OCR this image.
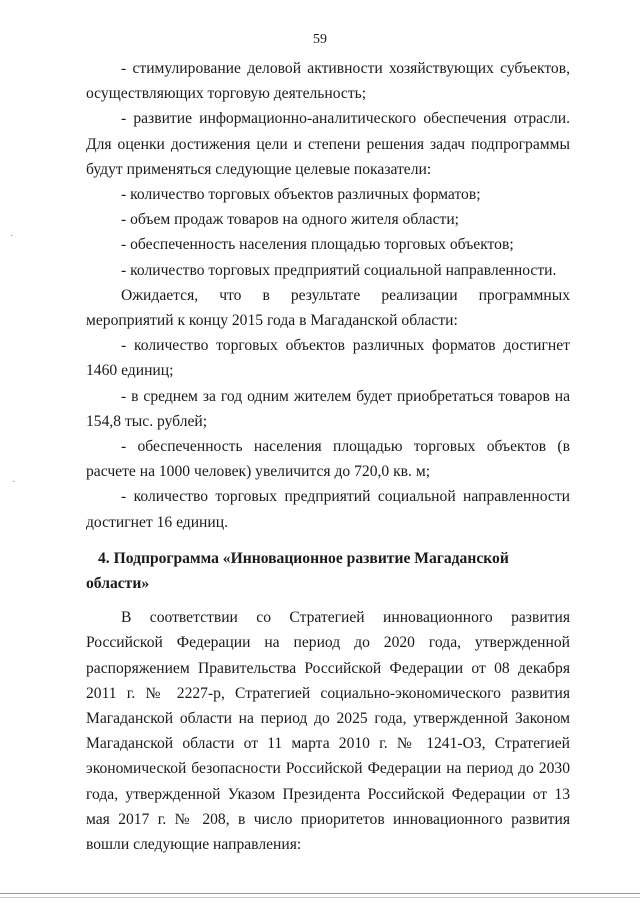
59
·
·

- стимулирование деловой активности хозяйствующих субъектов, осуществляющих торговую деятельность;

- развитие информационно-аналитического обеспечения отрасли. Для оценки достижения цели и степени решения задач подпрограммы будут применяться следующие целевые показатели:

- количество торговых объектов различных форматов;

- объем продаж товаров на одного жителя области;

- обеспеченность населения площадью торговых объектов;

- количество торговых предприятий социальной направленности.

Ожидается, что в результате реализации программных мероприятий к концу 2015 года в Магаданской области:

- количество торговых объектов различных форматов достигнет 1460 единиц;

- в среднем за год одним жителем будет приобретаться товаров на 154,8 тыс. рублей;

- обеспеченность населения площадью торговых объектов (в расчете на 1000 человек) увеличится до 720,0 кв. м;

- количество торговых предприятий социальной направленности достигнет 16 единиц.

4. Подпрограмма «Инновационное развитие Магаданской области»

В соответствии со Стратегией инновационного развития Российской Федерации на период до 2020 года, утвержденной распоряжением Правительства Российской Федерации от 08 декабря 2011 г. № 2227-р, Стратегией социально-экономического развития Магаданской области на период до 2025 года, утвержденной Законом Магаданской области от 11 марта 2010 г. № 1241-ОЗ, Стратегией экономической безопасности Российской Федерации на период до 2030 года, утвержденной Указом Президента Российской Федерации от 13 мая 2017 г. № 208, в число приоритетов инновационного развития вошли следующие направления:
